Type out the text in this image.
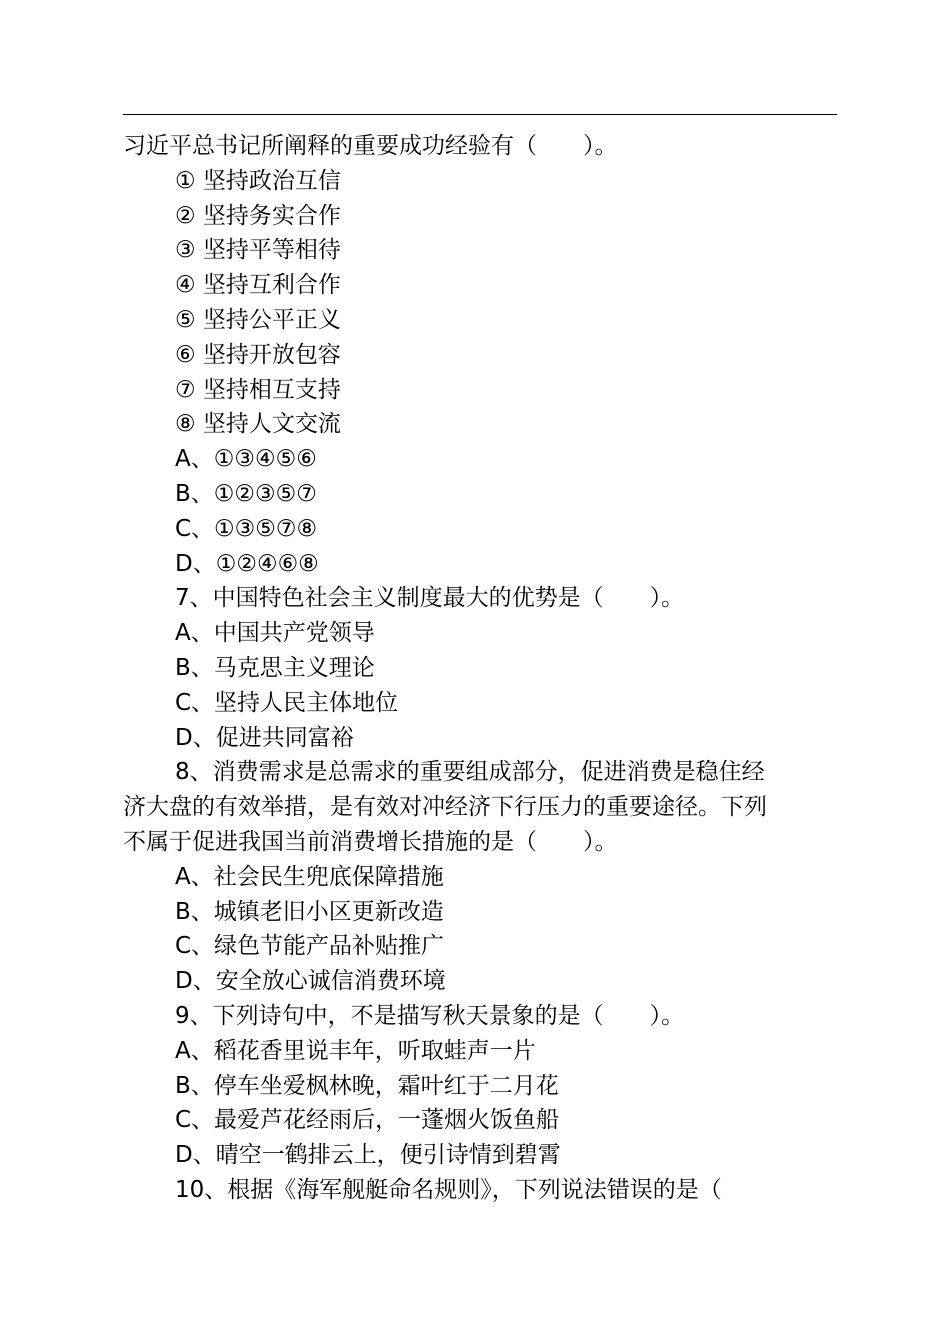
习近平总书记所阐释的重要成功经验有（　　）。
① 坚持政治互信
② 坚持务实合作
③ 坚持平等相待
④ 坚持互利合作
⑤ 坚持公平正义
⑥ 坚持开放包容
⑦ 坚持相互支持
⑧ 坚持人文交流
A、①③④⑤⑥
B、①②③⑤⑦
C、①③⑤⑦⑧
D、①②④⑥⑧
7、中国特色社会主义制度最大的优势是（　　）。
A、中国共产党领导
B、马克思主义理论
C、坚持人民主体地位
D、促进共同富裕
8、消费需求是总需求的重要组成部分，促进消费是稳住经
济大盘的有效举措，是有效对冲经济下行压力的重要途径。下列
不属于促进我国当前消费增长措施的是（　　）。
A、社会民生兜底保障措施
B、城镇老旧小区更新改造
C、绿色节能产品补贴推广
D、安全放心诚信消费环境
9、下列诗句中，不是描写秋天景象的是（　　）。
A、稻花香里说丰年，听取蛙声一片
B、停车坐爱枫林晚，霜叶红于二月花
C、最爱芦花经雨后，一蓬烟火饭鱼船
D、晴空一鹤排云上，便引诗情到碧霄
10、根据《海军舰艇命名规则》，下列说法错误的是（
